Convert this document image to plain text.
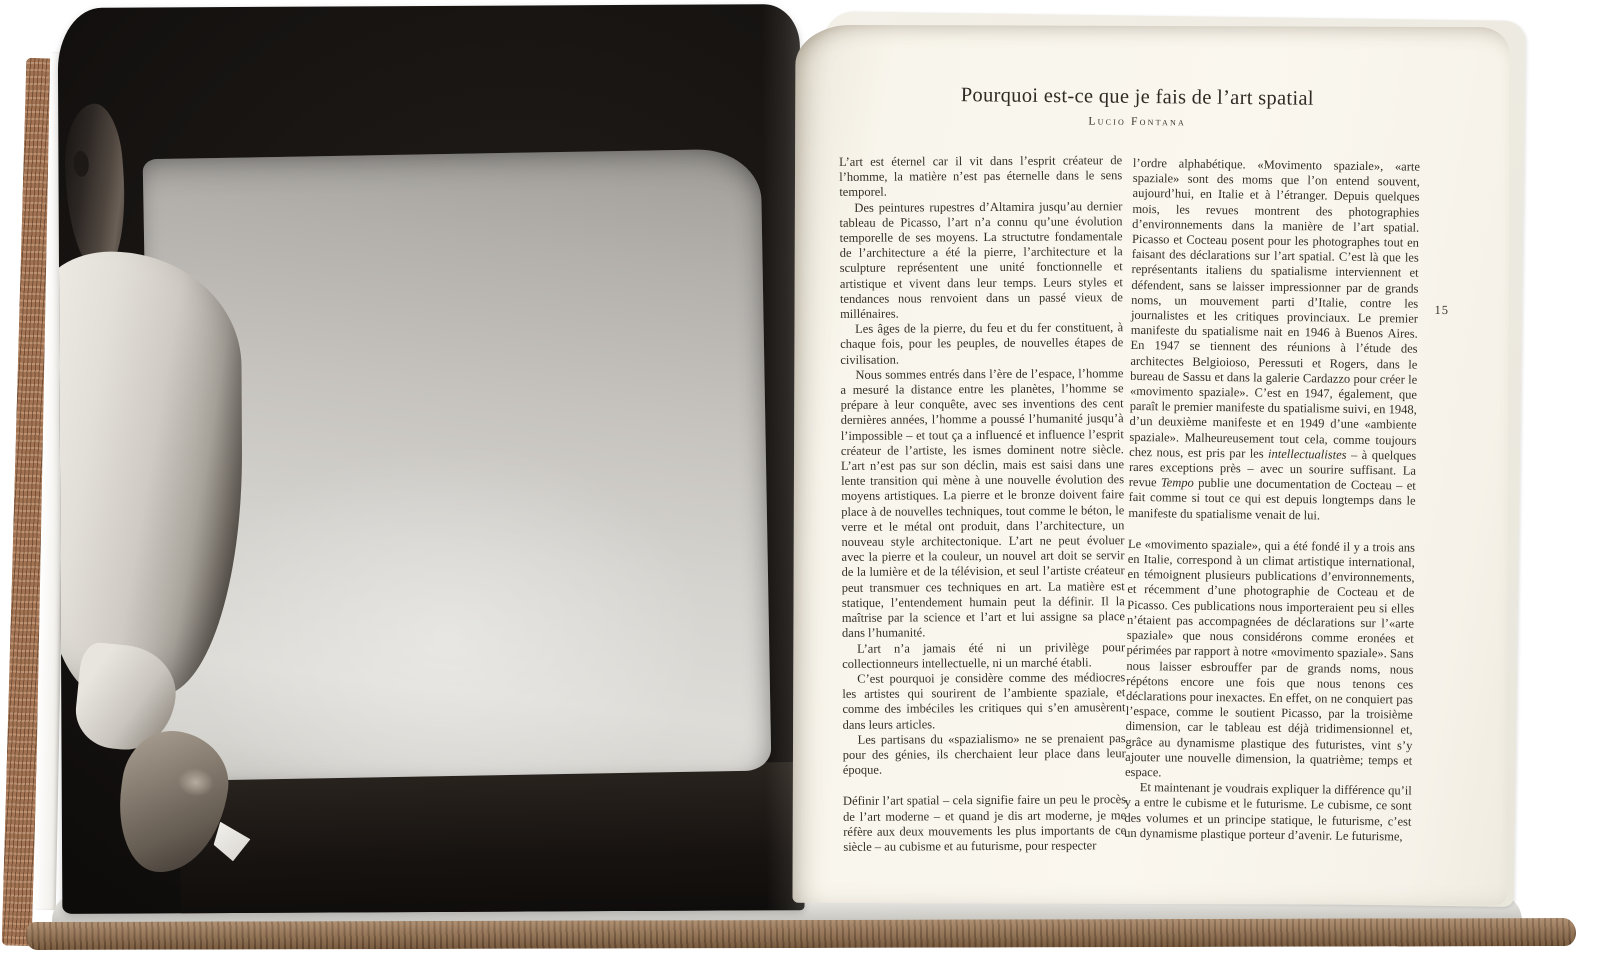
Pourquoi est-ce que je fais de l’art spatial
Lucio Fontana

L’art est éternel car il vit dans l’esprit créateur de l’homme, la matière n’est pas éternelle dans le sens temporel.

Des peintures rupestres d’Altamira jusqu’au dernier tableau de Picasso, l’art n’a connu qu’une évolution temporelle de ses moyens. La structutre fondamentale de l’architecture a été la pierre, l’architecture et la sculpture représentent une unité fonctionnelle et artistique et vivent dans leur temps. Leurs styles et tendances nous renvoient dans un passé vieux de millénaires.

Les âges de la pierre, du feu et du fer constituent, à chaque fois, pour les peuples, de nouvelles étapes de civilisation.

Nous sommes entrés dans l’ère de l’espace, l’homme a mesuré la distance entre les planètes, l’homme se prépare à leur conquête, avec ses inventions des cent dernières années, l’homme a poussé l’humanité jusqu’à l’impossible – et tout ça a influencé et influence l’esprit créateur de l’artiste, les ismes dominent notre siècle. L’art n’est pas sur son déclin, mais est saisi dans une lente transition qui mène à une nouvelle évolution des moyens artistiques. La pierre et le bronze doivent faire place à de nouvelles techniques, tout comme le béton, le verre et le métal ont produit, dans l’architecture, un nouveau style architectonique. L’art ne peut évoluer avec la pierre et la couleur, un nouvel art doit se servir de la lumière et de la télévision, et seul l’artiste créateur peut transmuer ces techniques en art. La matière est statique, l’entendement humain peut la définir. Il la maîtrise par la science et l’art et lui assigne sa place dans l’humanité.

L’art n’a jamais été ni un privilège pour collectionneurs intellectuelle, ni un marché établi.

C’est pourquoi je considère comme des médiocres les artistes qui sourirent de l’ambiente spaziale, et comme des imbéciles les critiques qui s’en amusèrent dans leurs articles.

Les partisans du «spazialismo» ne se prenaient pas pour des génies, ils cherchaient leur place dans leur époque.

Définir l’art spatial – cela signifie faire un peu le procès de l’art moderne – et quand je dis art moderne, je me réfère aux deux mouvements les plus importants de ce siècle – au cubisme et au futurisme, pour respecter

l’ordre alphabétique. «Movimento spaziale», «arte spaziale» sont des moms que l’on entend souvent, aujourd’hui, en Italie et à l’étranger. Depuis quelques mois, les revues montrent des photographies d’environnements dans la manière de l’art spatial. Picasso et Cocteau posent pour les photographes tout en faisant des déclarations sur l’art spatial. C’est là que les représentants italiens du spatialisme interviennent et défendent, sans se laisser impressionner par de grands noms, un mouvement parti d’Italie, contre les journalistes et les critiques provinciaux. Le premier manifeste du spatialisme nait en 1946 à Buenos Aires. En 1947 se tiennent des réunions à l’étude des architectes Belgioioso, Peressuti et Rogers, dans le bureau de Sassu et dans la galerie Cardazzo pour créer le «movimento spaziale». C’est en 1947, également, que paraît le premier manifeste du spatialisme suivi, en 1948, d’un deuxième manifeste et en 1949 d’une «ambiente spaziale». Malheureusement tout cela, comme toujours chez nous, est pris par les intellectualistes – à quelques rares exceptions près – avec un sourire suffisant. La revue Tempo publie une documentation de Cocteau – et fait comme si tout ce qui est depuis longtemps dans le manifeste du spatialisme venait de lui.

Le «movimento spaziale», qui a été fondé il y a trois ans en Italie, correspond à un climat artistique international, en témoignent plusieurs publications d’environnements, et récemment d’une photographie de Cocteau et de Picasso. Ces publications nous importeraient peu si elles n’étaient pas accompagnées de déclarations sur l’«arte spaziale» que nous considérons comme eronées et périmées par rapport à notre «movimento spaziale». Sans nous laisser esbrouffer par de grands noms, nous répétons encore une fois que nous tenons ces déclarations pour inexactes. En effet, on ne conquiert pas l’espace, comme le soutient Picasso, par la troisième dimension, car le tableau est déjà tridimensionnel et, grâce au dynamisme plastique des futuristes, vint s’y ajouter une nouvelle dimension, la quatrième; temps et espace.

Et maintenant je voudrais expliquer la différence qu’il y a entre le cubisme et le futurisme. Le cubisme, ce sont des volumes et un principe statique, le futurisme, c’est un dynamisme plastique porteur d’avenir. Le futurisme,

15
